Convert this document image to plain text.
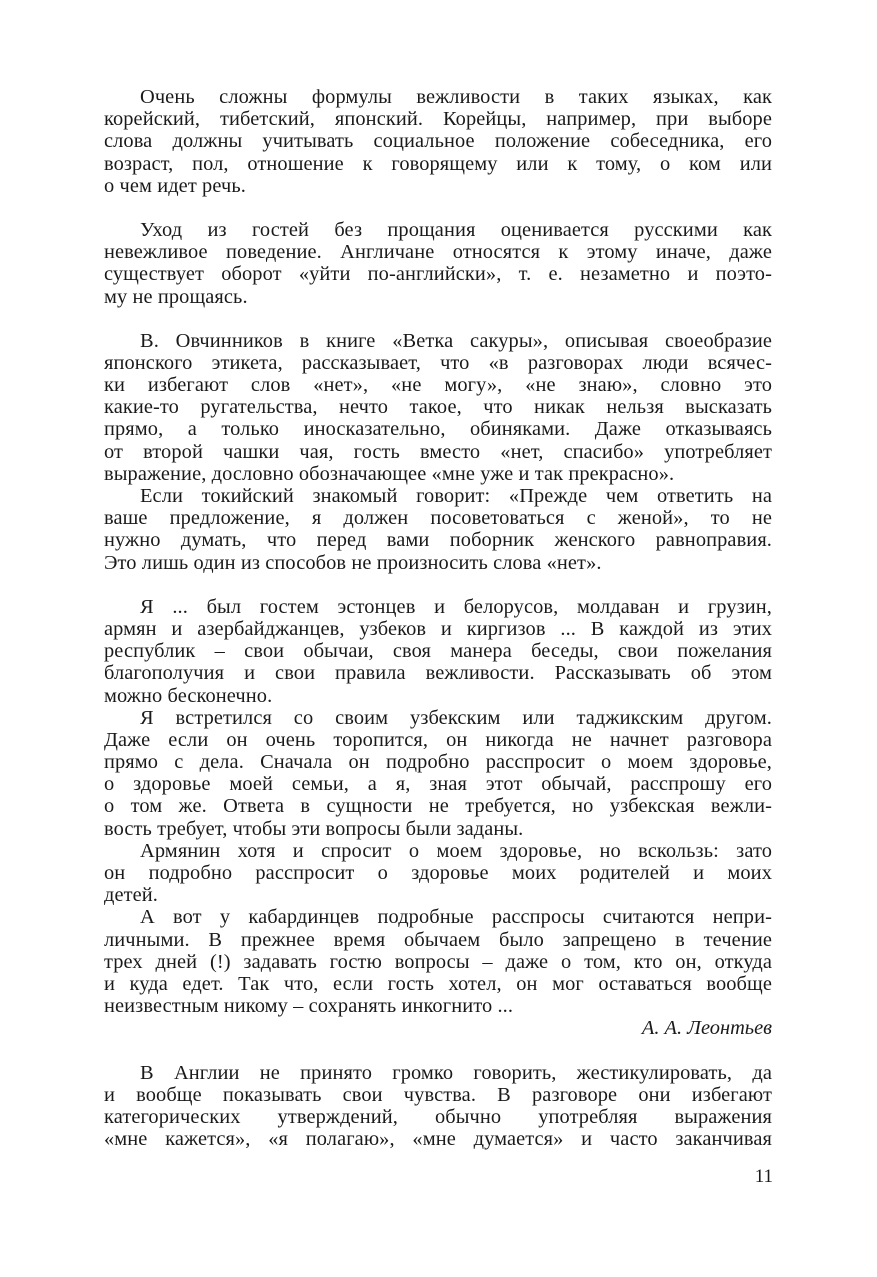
Очень сложны формулы вежливости в таких языках, как
корейский, тибетский, японский. Корейцы, например, при выборе
слова должны учитывать социальное положение собеседника, его
возраст, пол, отношение к говорящему или к тому, о ком или
о чем идет речь.
Уход из гостей без прощания оценивается русскими как
невежливое поведение. Англичане относятся к этому иначе, даже
существует оборот «уйти по-английски», т. е. незаметно и поэто-
му не прощаясь.
В. Овчинников в книге «Ветка сакуры», описывая своеобразие
японского этикета, рассказывает, что «в разговорах люди всячес-
ки избегают слов «нет», «не могу», «не знаю», словно это
какие-то ругательства, нечто такое, что никак нельзя высказать
прямо, а только иносказательно, обиняками. Даже отказываясь
от второй чашки чая, гость вместо «нет, спасибо» употребляет
выражение, дословно обозначающее «мне уже и так прекрасно».
Если токийский знакомый говорит: «Прежде чем ответить на
ваше предложение, я должен посоветоваться с женой», то не
нужно думать, что перед вами поборник женского равноправия.
Это лишь один из способов не произносить слова «нет».
Я ... был гостем эстонцев и белорусов, молдаван и грузин,
армян и азербайджанцев, узбеков и киргизов ... В каждой из этих
республик – свои обычаи, своя манера беседы, свои пожелания
благополучия и свои правила вежливости. Рассказывать об этом
можно бесконечно.
Я встретился со своим узбекским или таджикским другом.
Даже если он очень торопится, он никогда не начнет разговора
прямо с дела. Сначала он подробно расспросит о моем здоровье,
о здоровье моей семьи, а я, зная этот обычай, расспрошу его
о том же. Ответа в сущности не требуется, но узбекская вежли-
вость требует, чтобы эти вопросы были заданы.
Армянин хотя и спросит о моем здоровье, но вскользь: зато
он подробно расспросит о здоровье моих родителей и моих
детей.
А вот у кабардинцев подробные расспросы считаются непри-
личными. В прежнее время обычаем было запрещено в течение
трех дней (!) задавать гостю вопросы – даже о том, кто он, откуда
и куда едет. Так что, если гость хотел, он мог оставаться вообще
неизвестным никому – сохранять инкогнито ...
А. А. Леонтьев
В Англии не принято громко говорить, жестикулировать, да
и вообще показывать свои чувства. В разговоре они избегают
категорических утверждений, обычно употребляя выражения
«мне кажется», «я полагаю», «мне думается» и часто заканчивая
11
